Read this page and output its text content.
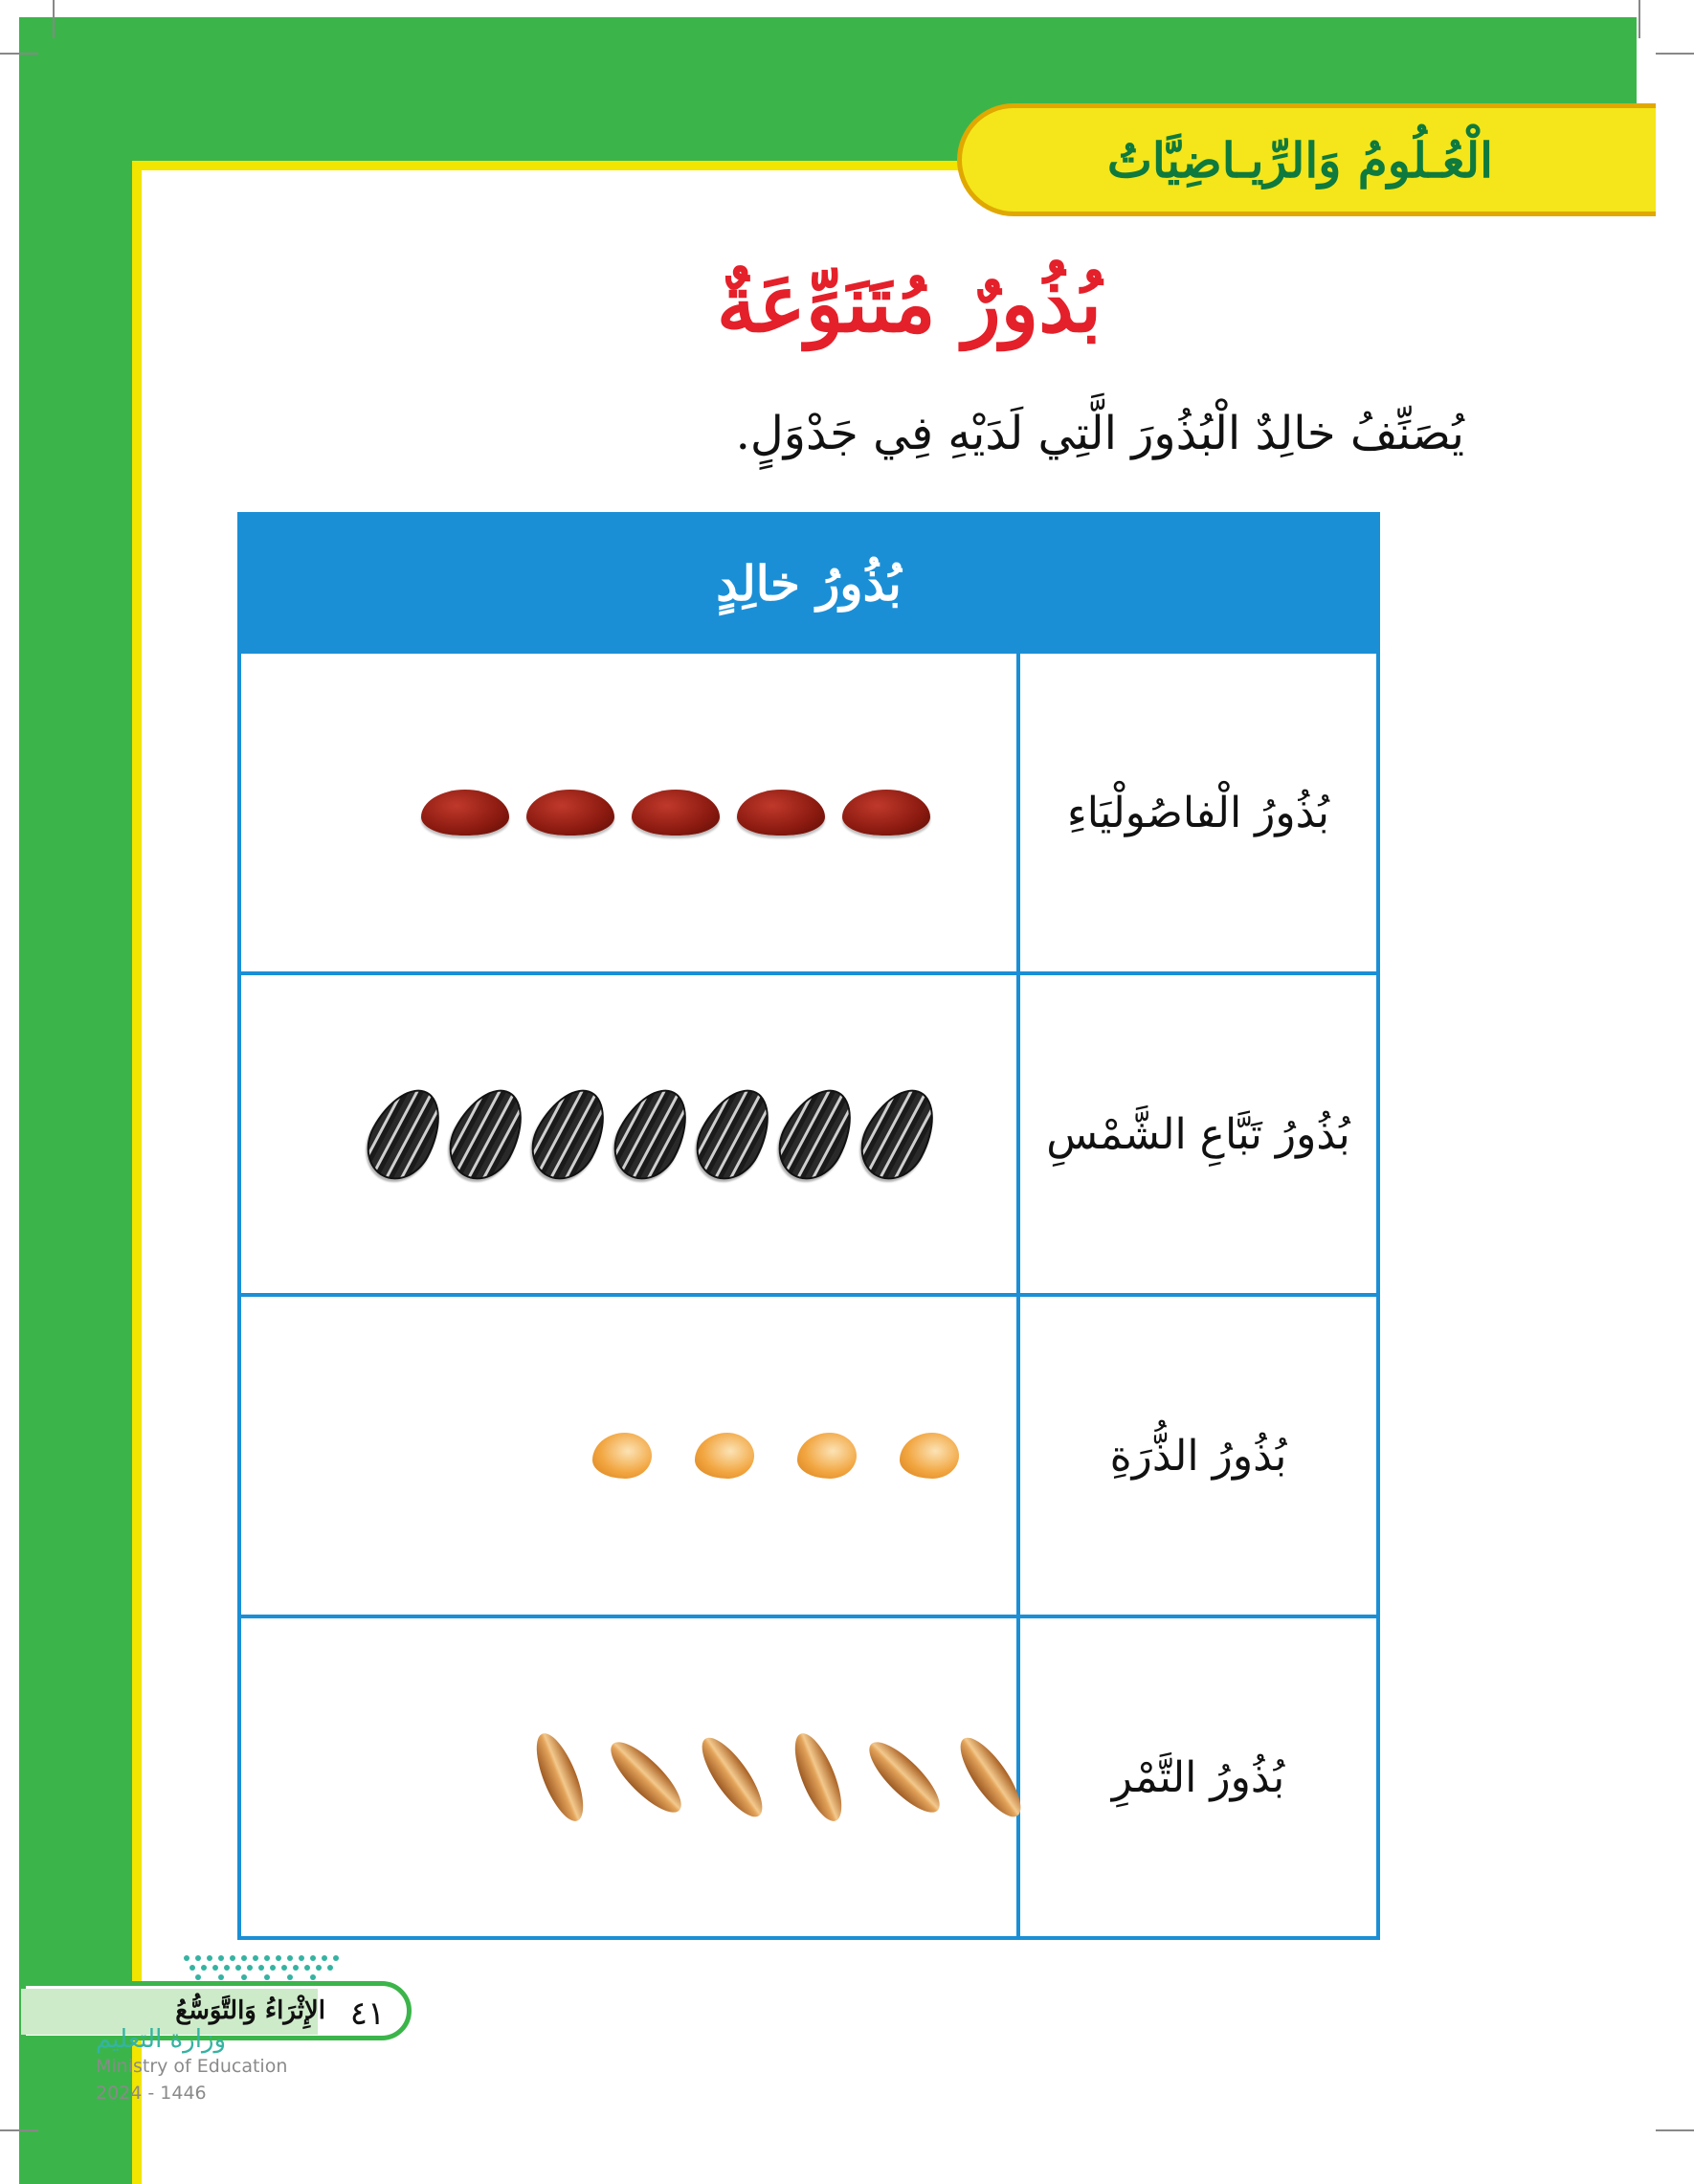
الْعُـلُومُ وَالرِّيـاضِيَّاتُ
بُذُورٌ مُتَنَوِّعَةٌ
يُصَنِّفُ خالِدٌ الْبُذُورَ الَّتِي لَدَيْهِ فِي جَدْوَلٍ.
بُذُورُ خالِدٍ	
بُذُورُ الْفاصُولْيَاءِ	

بُذُورُ تَبَّاعِ الشَّمْسِ	

بُذُورُ الذُّرَةِ	

بُذُورُ التَّمْرِ	
الإِثْرَاءُ وَالتَّوَسُّعُ ٤١
وزارة التعليم
Ministry of Education
2024 - 1446
